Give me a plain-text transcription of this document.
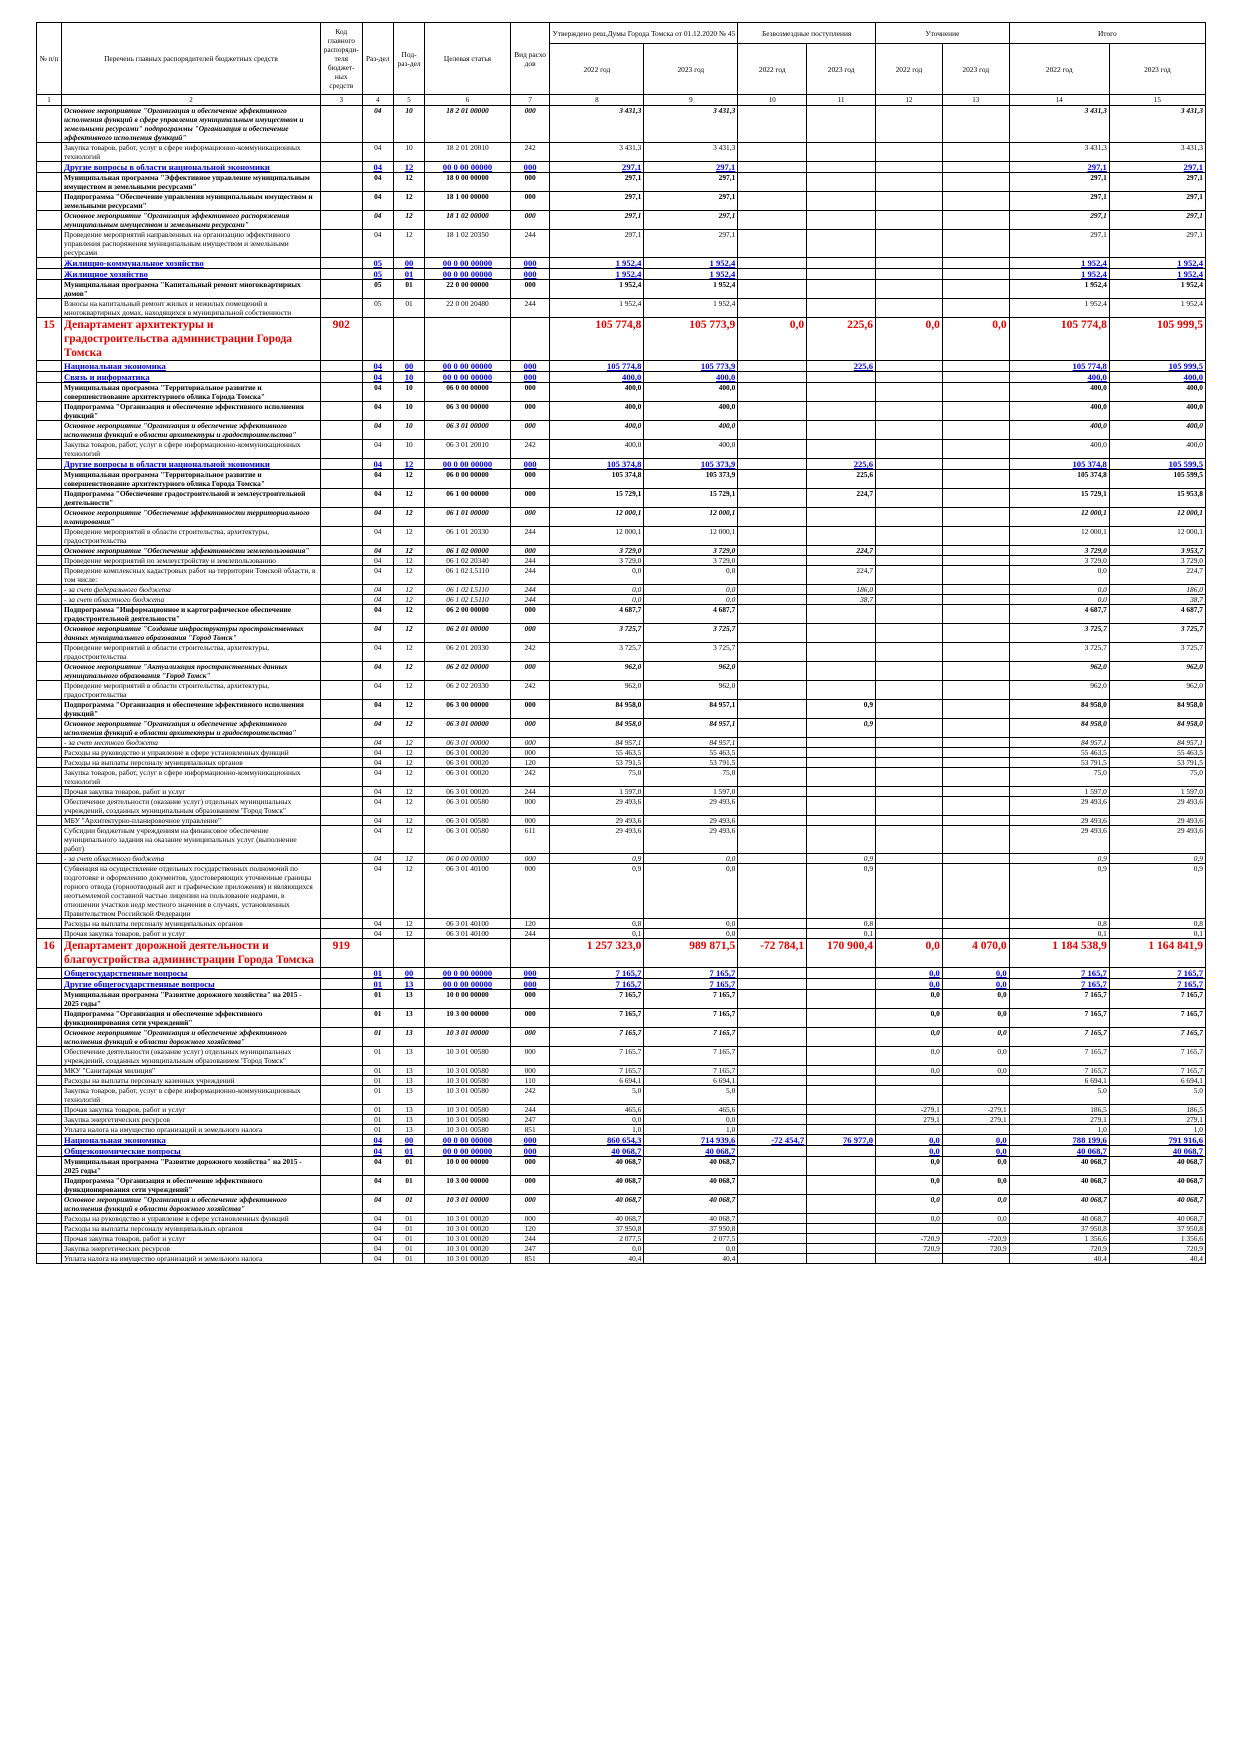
№ п/п	Перечень главных распорядителей бюджетных средств	Код главного распоряди-теля бюджет-ных средств	Раз-дел	Под-раз-дел	Целевая статья	Вид расхо дов	Утверждено реш.Думы Города Томска от 01.12.2020 № 45		Безвозмездные поступления		Уточнение		Итого	
							2022 год	2023 год	2022 год	2023 год	2022 год	2023 год	2022 год	2023 год
1	2	3	4	5	6	7	8	9	10	11	12	13	14	15
	Основное мероприятие "Организация и обеспечение эффективного исполнения функций в сфере управления муниципальным имуществом и земельными ресурсами" подпрограммы "Организация и обеспечение эффективного исполнения функций"		04	10	18 2 01 00000	000	3 431,3	3 431,3					3 431,3	3 431,3
	Закупка товаров, работ, услуг в сфере информационно-коммуникационных технологий		04	10	18 2 01 20010	242	3 431,3	3 431,3					3 431,3	3 431,3
	Другие вопросы в области национальной экономики		04	12	00 0 00 00000	000	297,1	297,1					297,1	297,1
	Муниципальная программа "Эффективное управление муниципальным имуществом и земельными ресурсами"		04	12	18 0 00 00000	000	297,1	297,1					297,1	297,1
	Подпрограмма "Обеспечение управления муниципальным имуществом и земельными ресурсами"		04	12	18 1 00 00000	000	297,1	297,1					297,1	297,1
	Основное мероприятие "Организация эффективного распоряжения муниципальным имуществом и земельными ресурсами"		04	12	18 1 02 00000	000	297,1	297,1					297,1	297,1
	Проведение мероприятий направленных на организацию эффективного управления распоряжения муниципальным имуществом и земельными ресурсами		04	12	18 1 02 20350	244	297,1	297,1					297,1	297,1
	Жилищно-коммунальное хозяйство		05	00	00 0 00 00000	000	1 952,4	1 952,4					1 952,4	1 952,4
	Жилищное хозяйство		05	01	00 0 00 00000	000	1 952,4	1 952,4					1 952,4	1 952,4
	Муниципальная программа "Капитальный ремонт многоквартирных домов"		05	01	22 0 00 00000	000	1 952,4	1 952,4					1 952,4	1 952,4
	Взносы на капитальный ремонт жилых и нежилых помещений в многоквартирных домах, находящихся в муниципальной собственности		05	01	22 0 00 20480	244	1 952,4	1 952,4					1 952,4	1 952,4
15	Департамент архитектуры и градостроительства администрации Города Томска	902					105 774,8	105 773,9	0,0	225,6	0,0	0,0	105 774,8	105 999,5
	Национальная экономика		04	00	00 0 00 00000	000	105 774,8	105 773,9		225,6			105 774,8	105 999,5
	Связь и информатика		04	10	00 0 00 00000	000	400,0	400,0					400,0	400,0
	Муниципальная программа "Территориальное развитие и совершенствование архитектурного облика Города Томска"		04	10	06 0 00 00000	000	400,0	400,0					400,0	400,0
	Подпрограмма "Организация и обеспечение эффективного исполнения функций"		04	10	06 3 00 00000	000	400,0	400,0					400,0	400,0
	Основное мероприятие "Организация и обеспечение эффективного исполнения функций в области архитектуры и градостроительства"		04	10	06 3 01 00000	000	400,0	400,0					400,0	400,0
	Закупка товаров, работ, услуг в сфере информационно-коммуникационных технологий		04	10	06 3 01 20010	242	400,0	400,0					400,0	400,0
	Другие вопросы в области национальной экономики		04	12	00 0 00 00000	000	105 374,8	105 373,9		225,6			105 374,8	105 599,5
	Муниципальная программа "Территориальное развитие и совершенствование архитектурного облика Города Томска"		04	12	06 0 00 00000	000	105 374,8	105 373,9		225,6			105 374,8	105 599,5
	Подпрограмма "Обеспечение градостроительной и землеустроительной деятельности"		04	12	06 1 00 00000	000	15 729,1	15 729,1		224,7			15 729,1	15 953,8
	Основное мероприятие "Обеспечение эффективности территориального планирования"		04	12	06 1 01 00000	000	12 000,1	12 000,1					12 000,1	12 000,1
	Проведение мероприятий в области строительства, архитектуры, градостроительства		04	12	06 1 01 20330	244	12 000,1	12 000,1					12 000,1	12 000,1
	Основное мероприятие "Обеспечение эффективности землепользования"		04	12	06 1 02 00000	000	3 729,0	3 729,0		224,7			3 729,0	3 953,7
	Проведение мероприятий по землеустройству и землепользованию		04	12	06 1 02 20340	244	3 729,0	3 729,0					3 729,0	3 729,0
	Проведение комплексных кадастровых работ на территории Томской области, в том числе:		04	12	06 1 02 L5110	244	0,0	0,0		224,7			0,0	224,7
	- за счет федерального бюджета		04	12	06 1 02 L5110	244	0,0	0,0		186,0			0,0	186,0
	- за счет областного бюджета		04	12	06 1 02 L5110	244	0,0	0,0		38,7			0,0	38,7
	Подпрограмма "Информационное и картографическое обеспечение градостроительной деятельности"		04	12	06 2 00 00000	000	4 687,7	4 687,7					4 687,7	4 687,7
	Основное мероприятие "Создание инфраструктуры пространственных данных муниципального образования "Город Томск"		04	12	06 2 01 00000	000	3 725,7	3 725,7					3 725,7	3 725,7
	Проведение мероприятий в области строительства, архитектуры, градостроительства		04	12	06 2 01 20330	242	3 725,7	3 725,7					3 725,7	3 725,7
	Основное мероприятие "Актуализация пространственных данных муниципального образования "Город Томск"		04	12	06 2 02 00000	000	962,0	962,0					962,0	962,0
	Проведение мероприятий в области строительства, архитектуры, градостроительства		04	12	06 2 02 20330	242	962,0	962,0					962,0	962,0
	Подпрограмма "Организация и обеспечение эффективного исполнения функций"		04	12	06 3 00 00000	000	84 958,0	84 957,1		0,9			84 958,0	84 958,0
	Основное мероприятие "Организация и обеспечение эффективного исполнения функций в области архитектуры и градостроительства"		04	12	06 3 01 00000	000	84 958,0	84 957,1		0,9			84 958,0	84 958,0
	- за счет местного бюджета		04	12	06 3 01 00000	000	84 957,1	84 957,1					84 957,1	84 957,1
	Расходы на руководство и управление в сфере установленных функций		04	12	06 3 01 00020	000	55 463,5	55 463,5					55 463,5	55 463,5
	Расходы на выплаты персоналу муниципальных органов		04	12	06 3 01 00020	120	53 791,5	53 791,5					53 791,5	53 791,5
	Закупка товаров, работ, услуг в сфере информационно-коммуникационных технологий		04	12	06 3 01 00020	242	75,0	75,0					75,0	75,0
	Прочая закупка товаров, работ и услуг		04	12	06 3 01 00020	244	1 597,0	1 597,0					1 597,0	1 597,0
	Обеспечение деятельности (оказание услуг) отдельных муниципальных учреждений, созданных муниципальным образованием "Город Томск"		04	12	06 3 01 00580	000	29 493,6	29 493,6					29 493,6	29 493,6
	МБУ "Архитектурно-планировочное управление"		04	12	06 3 01 00580	000	29 493,6	29 493,6					29 493,6	29 493,6
	Субсидии бюджетным учреждениям на финансовое обеспечение муниципального задания на оказание муниципальных услуг (выполнение работ)		04	12	06 3 01 00580	611	29 493,6	29 493,6					29 493,6	29 493,6
	- за счет областного бюджета		04	12	06 0 00 00000	000	0,9	0,0		0,9			0,9	0,9
	Субвенция на осуществление отдельных государственных полномочий по подготовке и оформлению документов, удостоверяющих уточненные границы горного отвода (горноотводный акт и графические приложения) и являющихся неотъемлемой составной частью лицензии на пользование недрами, в отношении участков недр местного значения в случаях, установленных Правительством Российской Федерации		04	12	06 3 01 40100	000	0,9	0,0		0,9			0,9	0,9
	Расходы на выплаты персоналу муниципальных органов		04	12	06 3 01 40100	120	0,8	0,0		0,8			0,8	0,8
	Прочая закупка товаров, работ и услуг		04	12	06 3 01 40100	244	0,1	0,0		0,1			0,1	0,1
16	Департамент дорожной деятельности и благоустройства администрации Города Томска	919					1 257 323,0	989 871,5	-72 784,1	170 900,4	0,0	4 070,0	1 184 538,9	1 164 841,9
	Общегосударственные вопросы		01	00	00 0 00 00000	000	7 165,7	7 165,7			0,0	0,0	7 165,7	7 165,7
	Другие общегосударственные вопросы		01	13	00 0 00 00000	000	7 165,7	7 165,7			0,0	0,0	7 165,7	7 165,7
	Муниципальная программа "Развитие дорожного хозяйства" на 2015 - 2025 годы"		01	13	10 0 00 00000	000	7 165,7	7 165,7			0,0	0,0	7 165,7	7 165,7
	Подпрограмма "Организация и обеспечение эффективного функционирования сети учреждений"		01	13	10 3 00 00000	000	7 165,7	7 165,7			0,0	0,0	7 165,7	7 165,7
	Основное мероприятие "Организация и обеспечение эффективного исполнения функций в области дорожного хозяйства"		01	13	10 3 01 00000	000	7 165,7	7 165,7			0,0	0,0	7 165,7	7 165,7
	Обеспечение деятельности (оказание услуг) отдельных муниципальных учреждений, созданных муниципальным образованием "Город Томск"		01	13	10 3 01 00580	000	7 165,7	7 165,7			0,0	0,0	7 165,7	7 165,7
	МКУ "Санитарная милиция"		01	13	10 3 01 00580	000	7 165,7	7 165,7			0,0	0,0	7 165,7	7 165,7
	Расходы на выплаты персоналу казенных учреждений		01	13	10 3 01 00580	110	6 694,1	6 694,1					6 694,1	6 694,1
	Закупка товаров, работ, услуг в сфере информационно-коммуникационных технологий		01	13	10 3 01 00580	242	5,0	5,0					5,0	5,0
	Прочая закупка товаров, работ и услуг		01	13	10 3 01 00580	244	465,6	465,6			-279,1	-279,1	186,5	186,5
	Закупка энергетических ресурсов		01	13	10 3 01 00580	247	0,0	0,0			279,1	279,1	279,1	279,1
	Уплата налога на имущество организаций и земельного налога		01	13	10 3 01 00580	851	1,0	1,0					1,0	1,0
	Национальная экономика		04	00	00 0 00 00000	000	860 654,3	714 939,6	-72 454,7	76 977,0	0,0	0,0	788 199,6	791 916,6
	Общеэкономические вопросы		04	01	00 0 00 00000	000	40 068,7	40 068,7			0,0	0,0	40 068,7	40 068,7
	Муниципальная программа "Развитие дорожного хозяйства" на 2015 - 2025 годы"		04	01	10 0 00 00000	000	40 068,7	40 068,7			0,0	0,0	40 068,7	40 068,7
	Подпрограмма "Организация и обеспечение эффективного функционирования сети учреждений"		04	01	10 3 00 00000	000	40 068,7	40 068,7			0,0	0,0	40 068,7	40 068,7
	Основное мероприятие "Организация и обеспечение эффективного исполнения функций в области дорожного хозяйства"		04	01	10 3 01 00000	000	40 068,7	40 068,7			0,0	0,0	40 068,7	40 068,7
	Расходы на руководство и управление в сфере установленных функций		04	01	10 3 01 00020	000	40 068,7	40 068,7			0,0	0,0	40 068,7	40 068,7
	Расходы на выплаты персоналу муниципальных органов		04	01	10 3 01 00020	120	37 950,8	37 950,8					37 950,8	37 950,8
	Прочая закупка товаров, работ и услуг		04	01	10 3 01 00020	244	2 077,5	2 077,5			-720,9	-720,9	1 356,6	1 356,6
	Закупка энергетических ресурсов		04	01	10 3 01 00020	247	0,0	0,0			720,9	720,9	720,9	720,9
	Уплата налога на имущество организаций и земельного налога		04	01	10 3 01 00020	851	40,4	40,4					40,4	40,4
